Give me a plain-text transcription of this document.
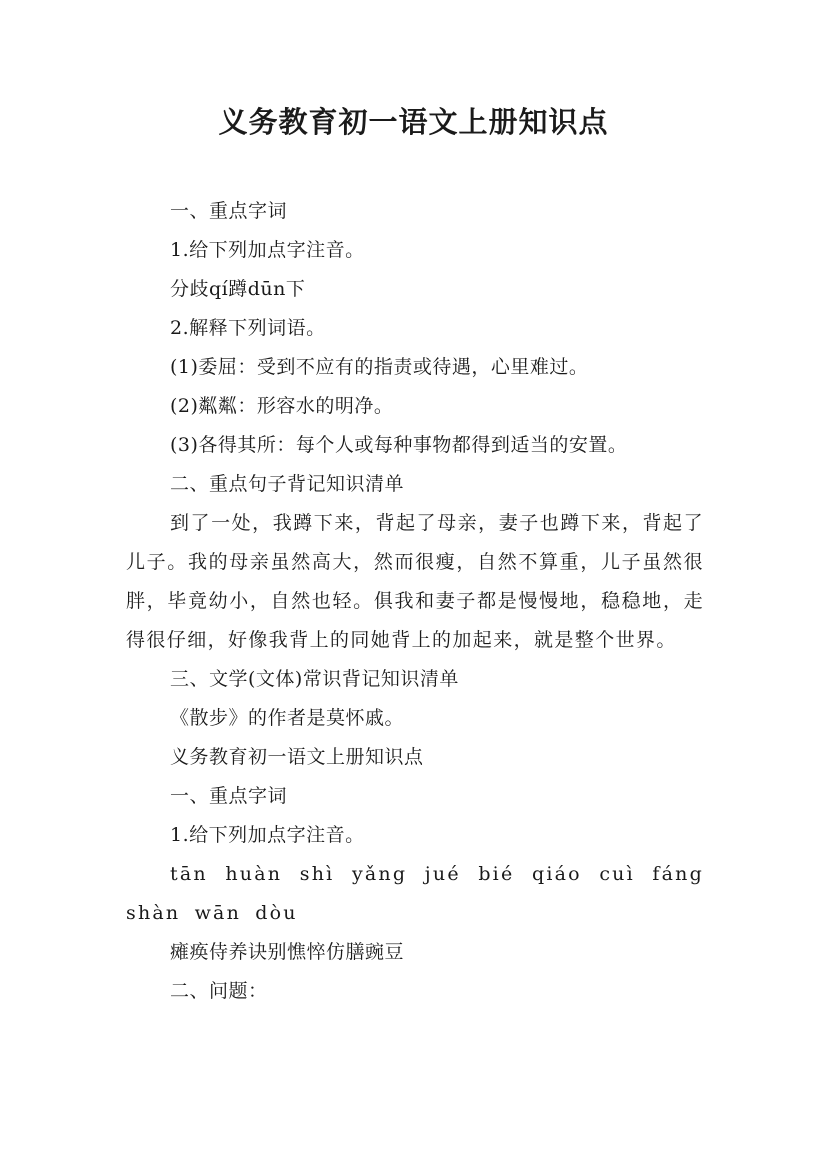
义务教育初一语文上册知识点

一、重点字词

1.给下列加点字注音。

分歧qí蹲dūn下

2.解释下列词语。

(1)委屈：受到不应有的指责或待遇，心里难过。

(2)粼粼：形容水的明净。

(3)各得其所：每个人或每种事物都得到适当的安置。

二、重点句子背记知识清单

到了一处，我蹲下来，背起了母亲，妻子也蹲下来，背起了儿子。我的母亲虽然高大，然而很瘦，自然不算重，儿子虽然很胖，毕竟幼小，自然也轻。俱我和妻子都是慢慢地，稳稳地，走得很仔细，好像我背上的同她背上的加起来，就是整个世界。

三、文学(文体)常识背记知识清单

《散步》的作者是莫怀戚。

义务教育初一语文上册知识点

一、重点字词

1.给下列加点字注音。

tān huàn shì yǎng jué bié qiáo cuì fáng shàn wān dòu

瘫痪侍养诀别憔悴仿膳豌豆

二、问题：
